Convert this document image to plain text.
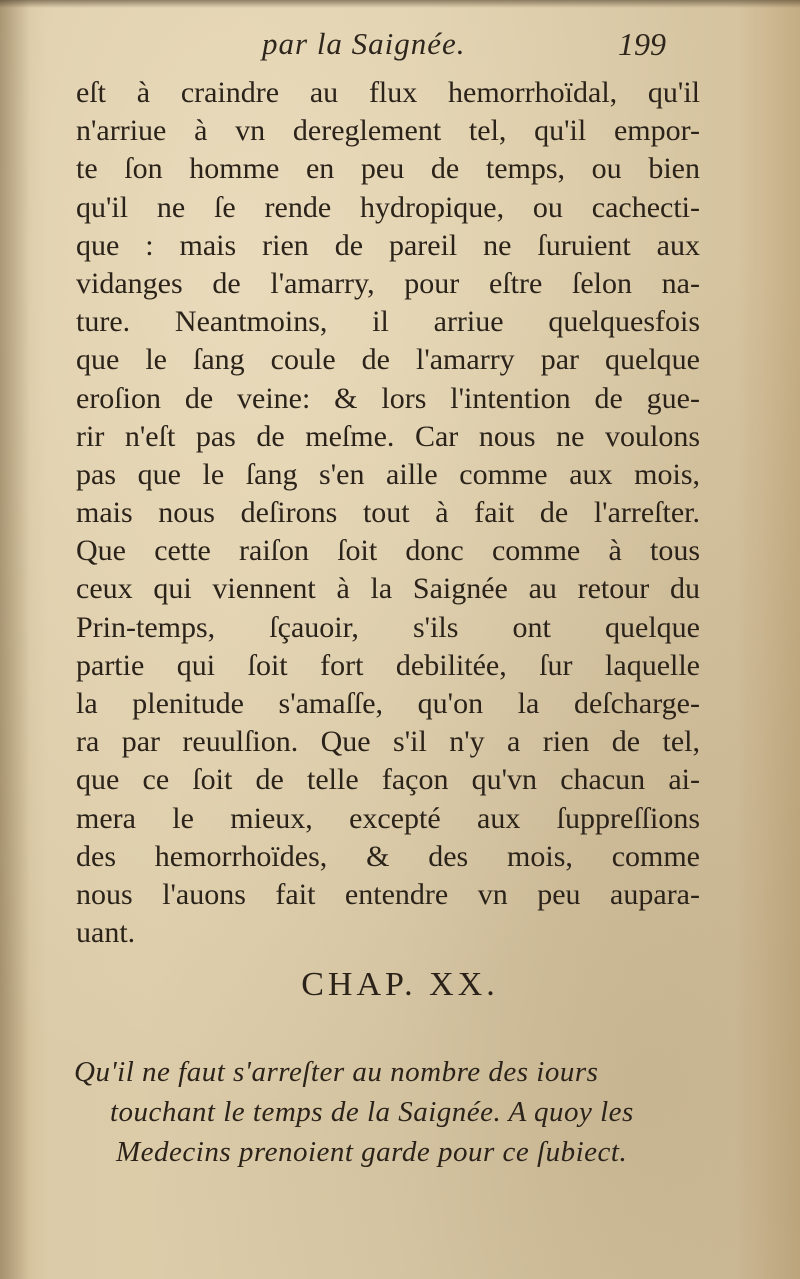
par la Saignée.	199
eſt à craindre au flux hemorrhoïdal, qu'il
n'arriue à vn dereglement tel, qu'il empor-
te ſon homme en peu de temps, ou bien
qu'il ne ſe rende hydropique, ou cachecti-
que : mais rien de pareil ne ſuruient aux
vidanges de l'amarry, pour eſtre ſelon na-
ture. Neantmoins, il arriue quelquesfois
que le ſang coule de l'amarry par quelque
eroſion de veine: & lors l'intention de gue-
rir n'eſt pas de meſme. Car nous ne voulons
pas que le ſang s'en aille comme aux mois,
mais nous deſirons tout à fait de l'arreſter.
Que cette raiſon ſoit donc comme à tous
ceux qui viennent à la Saignée au retour du
Prin-temps, ſçauoir, s'ils ont quelque
partie qui ſoit fort debilitée, ſur laquelle
la plenitude s'amaſſe, qu'on la deſcharge-
ra par reuulſion. Que s'il n'y a rien de tel,
que ce ſoit de telle façon qu'vn chacun ai-
mera le mieux, excepté aux ſuppreſſions
des hemorrhoïdes, & des mois, comme
nous l'auons fait entendre vn peu aupara-
uant.
CHAP. XX.
Qu'il ne faut s'arreſter au nombre des iours
touchant le temps de la Saignée. A quoy les
Medecins prenoient garde pour ce ſubiect.
